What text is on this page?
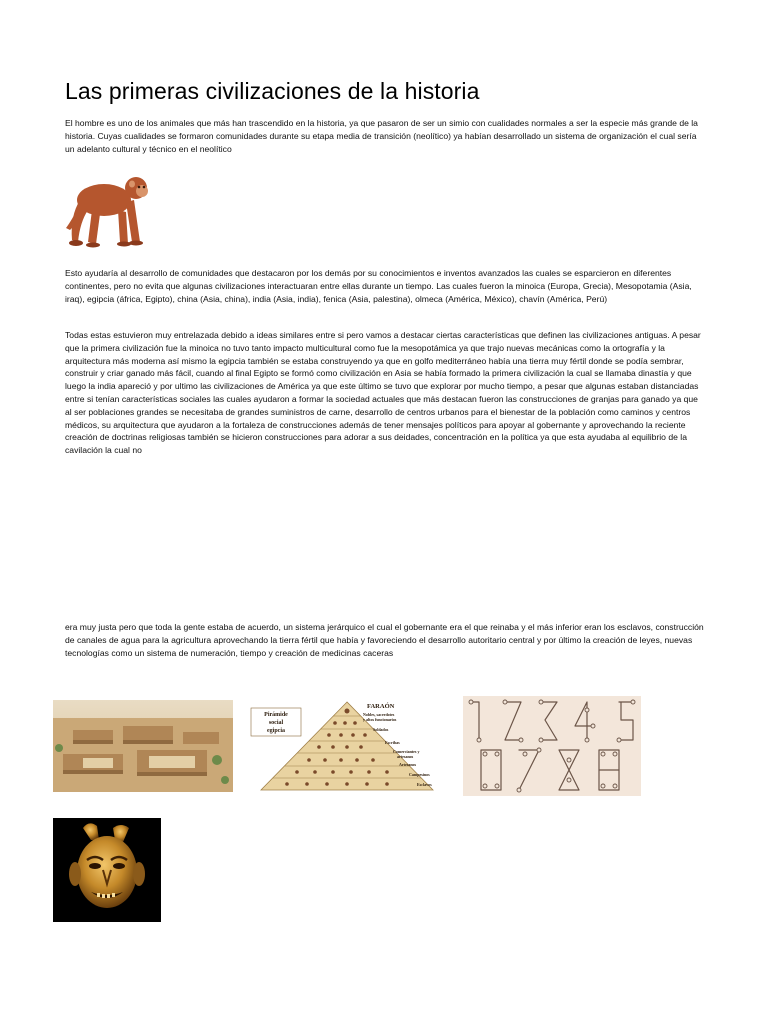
Las primeras civilizaciones de la historia

El hombre es uno de los animales que más han trascendido en la historia, ya que pasaron de ser un simio con cualidades normales a ser la especie más grande de la historia. Cuyas cualidades se formaron comunidades durante su etapa media de transición (neolítico) ya habían desarrollado un sistema de organización el cual sería un adelanto cultural y técnico en el neolítico

Esto ayudaría al desarrollo de comunidades que destacaron por los demás por su conocimientos e inventos avanzados las cuales se esparcieron en diferentes continentes, pero no evita que algunas civilizaciones interactuaran entre ellas durante un tiempo. Las cuales fueron la minoica (Europa, Grecia), Mesopotamia (Asia, iraq), egipcia (áfrica, Egipto), china (Asia, china), india (Asia, india), fenica (Asia, palestina), olmeca (América, México), chavín (América, Perú)

Todas estas estuvieron muy entrelazada debido a ideas similares entre si pero vamos a destacar ciertas características que definen las civilizaciones antiguas. A pesar que la primera civilización fue la minoica no tuvo tanto impacto multicultural como fue la mesopotámica ya que trajo nuevas mecánicas como la ortografía y la arquitectura más moderna así mismo la egipcia también se estaba construyendo ya que en golfo mediterráneo había una tierra muy fértil donde se podía sembrar, construir y criar ganado más fácil, cuando al final Egipto se formó como civilización en Asia se había formado la primera civilización la cual se llamaba dinastía y que luego la india apareció y por ultimo las civilizaciones de América ya que este último se tuvo que explorar por mucho tiempo, a pesar que algunas estaban distanciadas entre si tenían características sociales las cuales ayudaron a formar la sociedad actuales que más destacan fueron las construcciones de granjas para ganado ya que al ser poblaciones grandes se necesitaba de grandes suministros de carne, desarrollo de centros urbanos para el bienestar de la población como caminos y centros médicos, su arquitectura que ayudaron a la fortaleza de construcciones además de tener mensajes políticos para apoyar al gobernante y aprovechando la reciente creación de doctrinas religiosas también se hicieron construcciones para adorar a sus deidades, concentración en la política ya que esta ayudaba al equilibrio de la cavilación la cual no

era muy justa pero que toda la gente estaba de acuerdo, un sistema jerárquico el cual el gobernante era el que reinaba y el más inferior eran los esclavos, construcción de canales de agua para la agricultura aprovechando la tierra fértil que había y favoreciendo el desarrollo autoritario central y por último la creación de leyes, nuevas tecnologías como un sistema de numeración, tiempo y creación de medicinas caceras

Pirámide
social
egipcia
FARAÓN
Nobles, sacerdotes
y altos funcionarios
Soldados
Escribas
Comerciantes y
artesanos
Artesanos
Campesinos
Esclavos
